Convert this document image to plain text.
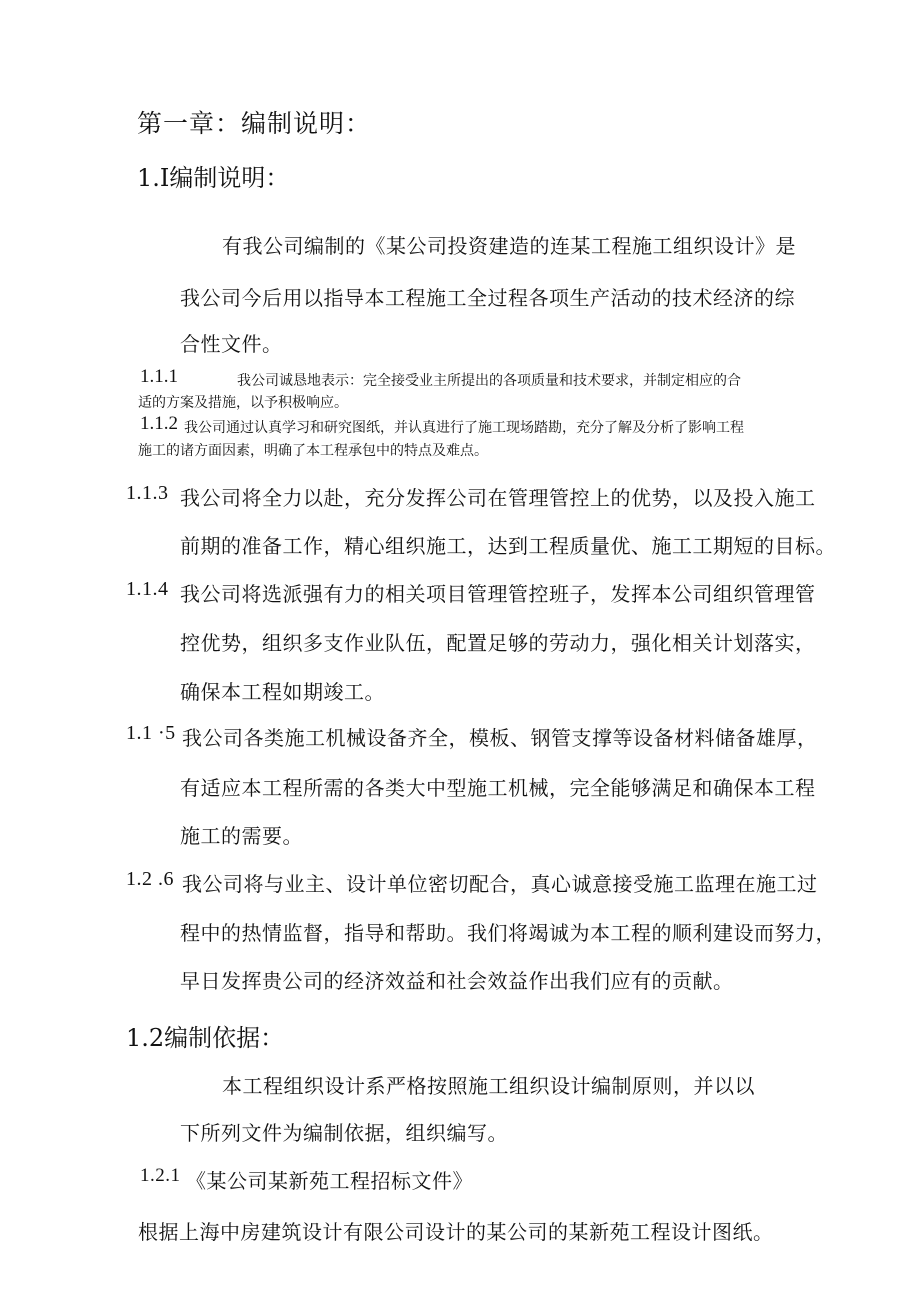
第一章：编制说明：
1.I编制说明：
有我公司编制的《某公司投资建造的连某工程施工组织设计》是
我公司今后用以指导本工程施工全过程各项生产活动的技术经济的综
合性文件。
1.1.1	我公司诚恳地表示：完全接受业主所提出的各项质量和技术要求，并制定相应的合
适的方案及措施，以予积极响应。
1.1.2 我公司通过认真学习和研究图纸，并认真进行了施工现场踏勘，充分了解及分析了影响工程
施工的诸方面因素，明确了本工程承包中的特点及难点。
1.1.3 我公司将全力以赴，充分发挥公司在管理管控上的优势，以及投入施工
前期的准备工作，精心组织施工，达到工程质量优、施工工期短的目标。
1.1.4 我公司将选派强有力的相关项目管理管控班子，发挥本公司组织管理管
控优势，组织多支作业队伍，配置足够的劳动力，强化相关计划落实，
确保本工程如期竣工。
1.1 ·5 我公司各类施工机械设备齐全，模板、钢管支撑等设备材料储备雄厚，
有适应本工程所需的各类大中型施工机械，完全能够满足和确保本工程
施工的需要。
1.2 .6 我公司将与业主、设计单位密切配合，真心诚意接受施工监理在施工过
程中的热情监督，指导和帮助。我们将竭诚为本工程的顺利建设而努力，
早日发挥贵公司的经济效益和社会效益作出我们应有的贡献。
1.2编制依据：
本工程组织设计系严格按照施工组织设计编制原则，并以以
下所列文件为编制依据，组织编写。
1.2.1 《某公司某新苑工程招标文件》
根据上海中房建筑设计有限公司设计的某公司的某新苑工程设计图纸。
